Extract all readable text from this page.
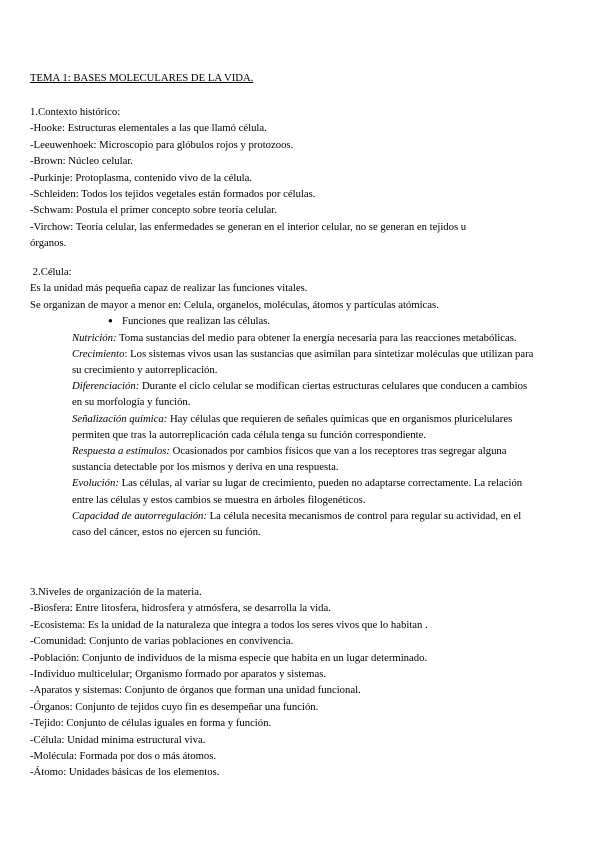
TEMA 1: BASES MOLECULARES DE LA VIDA.
1.Contexto histórico:
-Hooke: Estructuras elementales a las que llamó célula.
-Leeuwenhoek: Microscopio para glóbulos rojos y protozoos.
-Brown: Núcleo celular.
-Purkinje: Protoplasma, contenido vivo de la célula.
-Schleiden: Todos los tejidos vegetales están formados por células.
-Schwam: Postula el primer concepto sobre teoría celular.
-Virchow: Teoría celular, las enfermedades se generan en el interior celular, no se generan en tejidos u
órganos.
2.Célula:
Es la unidad más pequeña capaz de realizar las funciones vitales.
Se organizan de mayor a menor en: Celula, organelos, moléculas, átomos y partículas atómicas.
● Funciones que realizan las células.
Nutrición: Toma sustancias del medio para obtener la energía necesaria para las reacciones metabólicas.
Crecimiento: Los sistemas vivos usan las sustancias que asimilan para sintetizar moléculas que utilizan para su crecimiento y autorreplicación.
Diferenciación: Durante el ciclo celular se modifican ciertas estructuras celulares que conducen a cambios en su morfología y función.
Señalización química: Hay células que requieren de señales químicas que en organismos pluricelulares permiten que tras la autorreplicación cada célula tenga su función correspondiente.
Respuesta a estímulos: Ocasionados por cambios físicos que van a los receptores tras segregar alguna sustancia detectable por los mismos y deriva en una respuesta.
Evolución: Las células, al variar su lugar de crecimiento, pueden no adaptarse correctamente. La relación entre las células y estos cambios se muestra en árboles filogenéticos.
Capacidad de autorregulación: La célula necesita mecanismos de control para regular su actividad, en el caso del cáncer, estos no ejercen su función.
3.Niveles de organización de la materia.
-Biosfera: Entre litosfera, hidrosfera y atmósfera, se desarrolla la vida.
-Ecosistema: Es la unidad de la naturaleza que integra a todos los seres vivos que lo habitan .
-Comunidad: Conjunto de varias poblaciones en convivencia.
-Población: Conjunto de individuos de la misma especie que habita en un lugar determinado.
-Individuo multicelular; Organismo formado por aparatos y sistemas.
-Aparatos y sistemas: Conjunto de órganos que forman una unidad funcional.
-Órganos: Conjunto de tejidos cuyo fin es desempeñar una función.
-Tejido: Conjunto de células iguales en forma y función.
-Célula: Unidad mínima estructural viva.
-Molécula: Formada por dos o más átomos.
-Átomo: Unidades básicas de los elementos.
